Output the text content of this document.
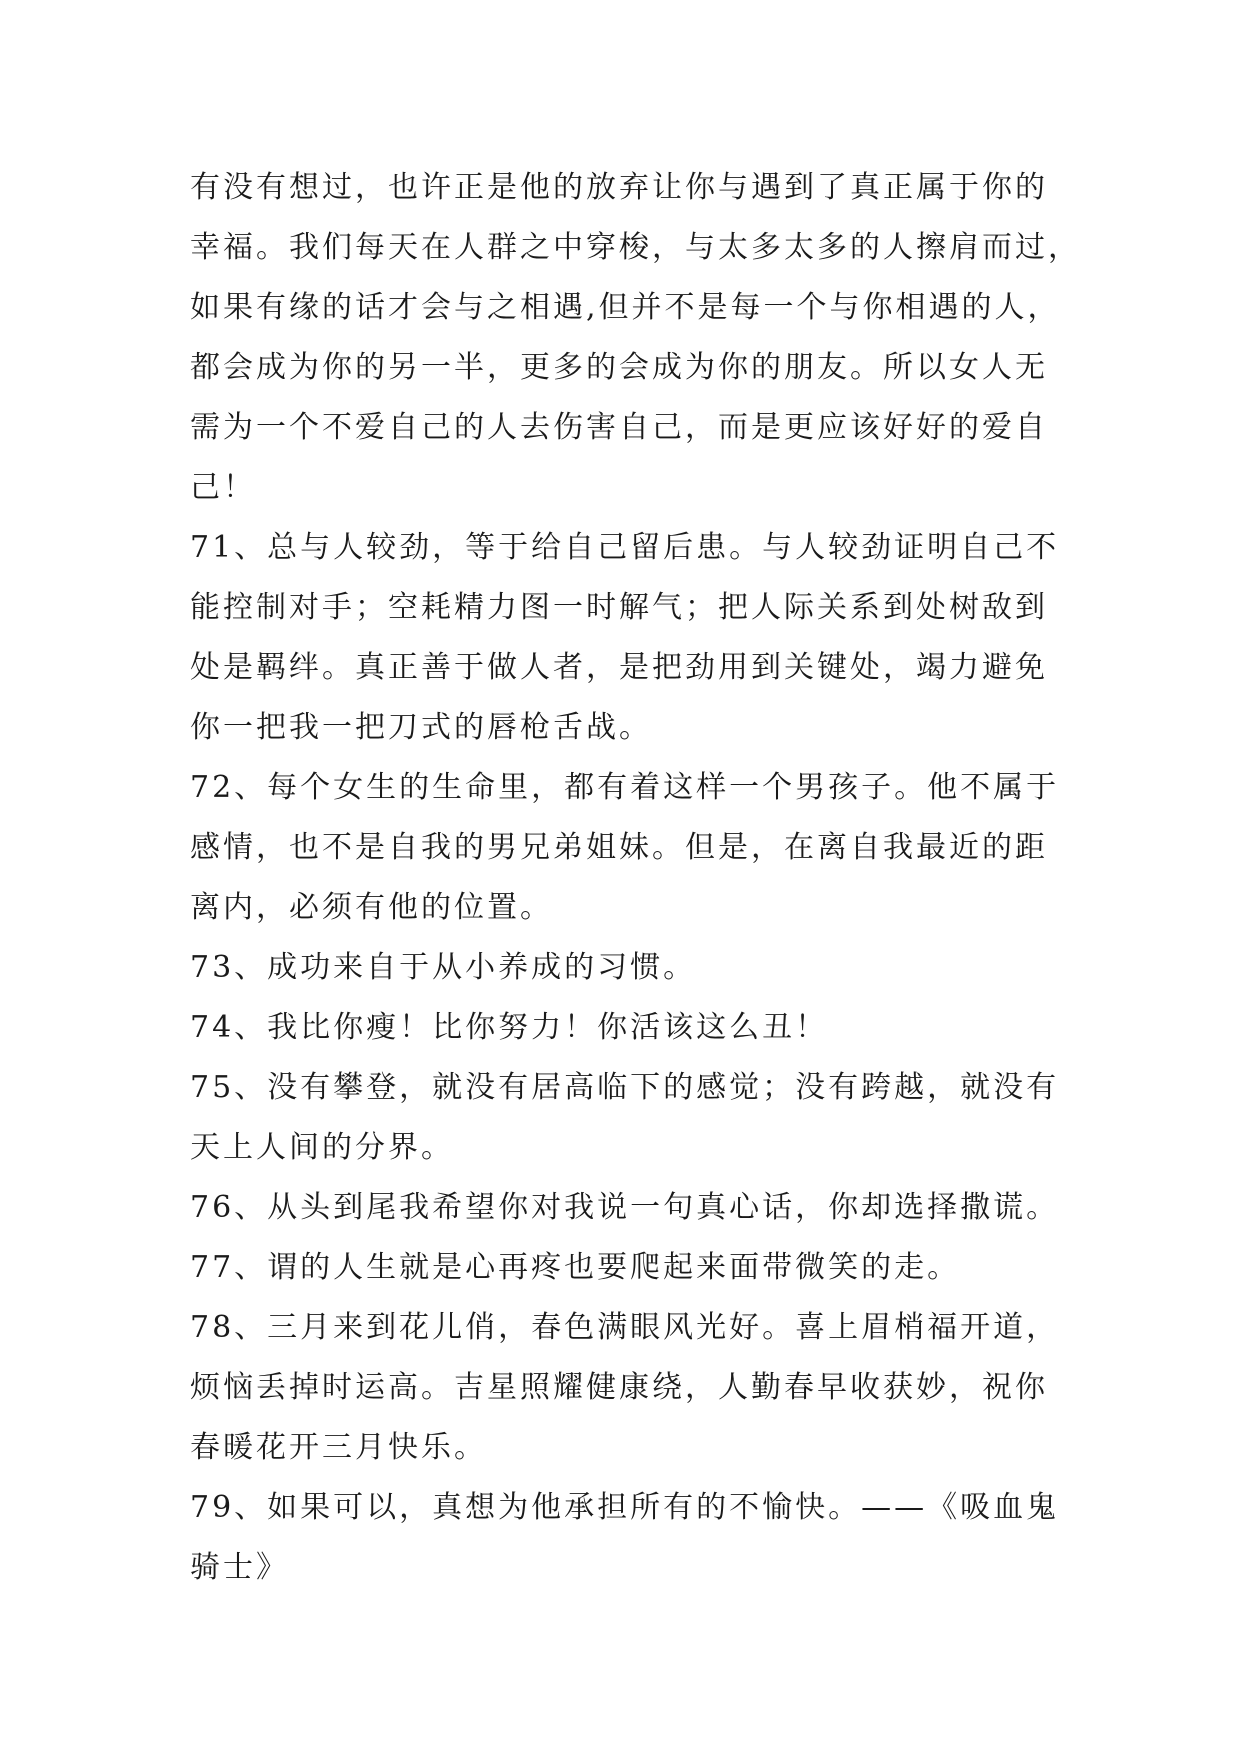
有没有想过，也许正是他的放弃让你与遇到了真正属于你的
幸福。我们每天在人群之中穿梭，与太多太多的人擦肩而过，
如果有缘的话才会与之相遇,但并不是每一个与你相遇的人，
都会成为你的另一半，更多的会成为你的朋友。所以女人无
需为一个不爱自己的人去伤害自己，而是更应该好好的爱自
己！
71、总与人较劲，等于给自己留后患。与人较劲证明自己不
能控制对手；空耗精力图一时解气；把人际关系到处树敌到
处是羁绊。真正善于做人者，是把劲用到关键处，竭力避免
你一把我一把刀式的唇枪舌战。
72、每个女生的生命里，都有着这样一个男孩子。他不属于
感情，也不是自我的男兄弟姐妹。但是，在离自我最近的距
离内，必须有他的位置。
73、成功来自于从小养成的习惯。
74、我比你瘦！比你努力！你活该这么丑！
75、没有攀登，就没有居高临下的感觉；没有跨越，就没有
天上人间的分界。
76、从头到尾我希望你对我说一句真心话，你却选择撒谎。
77、谓的人生就是心再疼也要爬起来面带微笑的走。
78、三月来到花儿俏，春色满眼风光好。喜上眉梢福开道，
烦恼丢掉时运高。吉星照耀健康绕，人勤春早收获妙，祝你
春暖花开三月快乐。
79、如果可以，真想为他承担所有的不愉快。——《吸血鬼
骑士》
